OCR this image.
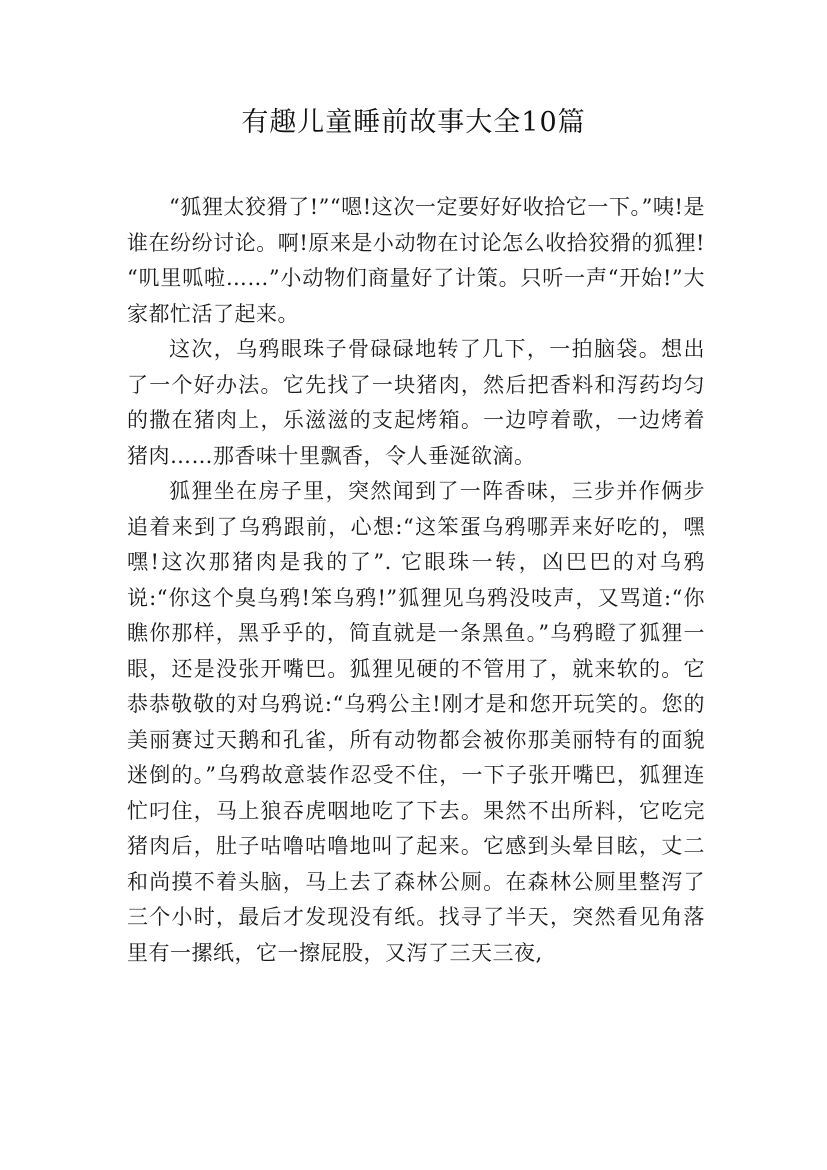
有趣儿童睡前故事大全10篇

“狐狸太狡猾了!”“嗯!这次一定要好好收拾它一下。”咦!是谁在纷纷讨论。啊!原来是小动物在讨论怎么收拾狡猾的狐狸! “叽里呱啦……”小动物们商量好了计策。只听一声“开始!”大家都忙活了起来。

这次，乌鸦眼珠子骨碌碌地转了几下，一拍脑袋。想出了一个好办法。它先找了一块猪肉，然后把香料和泻药均匀的撒在猪肉上，乐滋滋的支起烤箱。一边哼着歌，一边烤着猪肉……那香味十里飘香，令人垂涎欲滴。

狐狸坐在房子里，突然闻到了一阵香味，三步并作俩步追着来到了乌鸦跟前，心想:“这笨蛋乌鸦哪弄来好吃的，嘿嘿!这次那猪肉是我的了”. 它眼珠一转，凶巴巴的对乌鸦说:“你这个臭乌鸦!笨乌鸦!”狐狸见乌鸦没吱声，又骂道:“你瞧你那样，黑乎乎的，简直就是一条黑鱼。”乌鸦瞪了狐狸一眼，还是没张开嘴巴。狐狸见硬的不管用了，就来软的。它恭恭敬敬的对乌鸦说:“乌鸦公主!刚才是和您开玩笑的。您的美丽赛过天鹅和孔雀，所有动物都会被你那美丽特有的面貌迷倒的。”乌鸦故意装作忍受不住，一下子张开嘴巴，狐狸连忙叼住，马上狼吞虎咽地吃了下去。果然不出所料，它吃完猪肉后，肚子咕噜咕噜地叫了起来。它感到头晕目眩，丈二和尚摸不着头脑，马上去了森林公厕。在森林公厕里整泻了三个小时，最后才发现没有纸。找寻了半天，突然看见角落里有一摞纸，它一擦屁股，又泻了三天三夜,
